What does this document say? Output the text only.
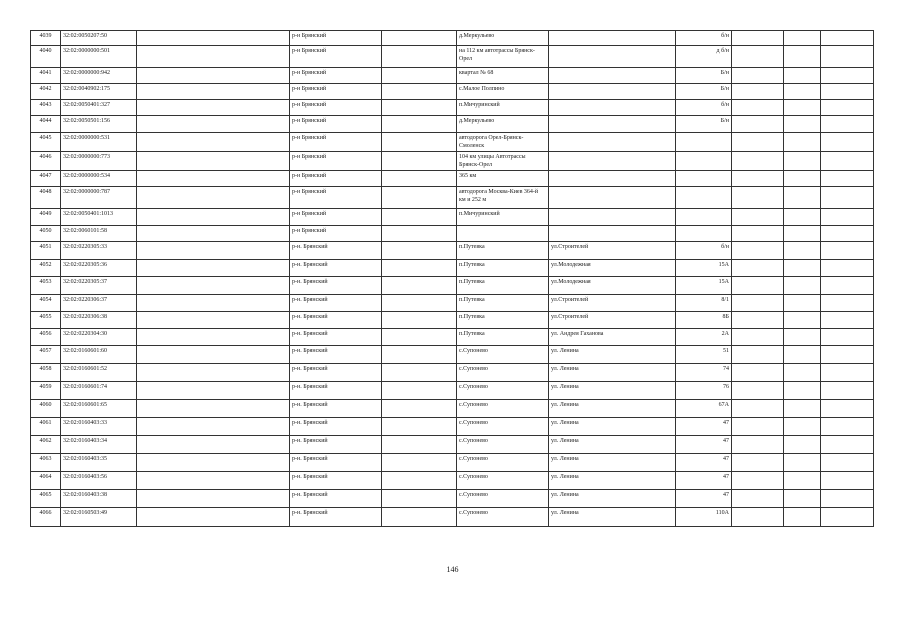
4039	32:02:0050207:50		р-н Брянский		д.Меркульево		б/н			
4040	32:02:0000000:501		р-н Брянский		на 112 км автотрассы Брянск-Орел		д б/н			
4041	32:02:0000000:942		р-н Брянский		квартал № 68		Б/н			
4042	32:02:0040902:175		р-н Брянский		с.Малое Полпино		Б/н			
4043	32:02:0050401:327		р-н Брянский		п.Мичуринский		б/н			
4044	32:02:0050501:156		р-н Брянский		д.Меркульево		Б/н			
4045	32:02:0000000:531		р-н Брянский		автодорога Орел-Брянск-Смоленск					
4046	32:02:0000000:773		р-н Брянский		104 км улицы Автотрассы Брянск-Орел					
4047	32:02:0000000:534		р-н Брянский		365 км					
4048	32:02:0000000:787		р-н Брянский		автодорога Москва-Киев 364-й км и 252 м					
4049	32:02:0050401:1013		р-н Брянский		п.Мичуринский					
4050	32:02:0060101:58		р-н Брянский							
4051	32:02:0220305:33		р-н. Брянский		п.Путевка	ул.Строителей	б/н			
4052	32:02:0220305:36		р-н. Брянский		п.Путевка	ул.Молодежная	15А			
4053	32:02:0220305:37		р-н. Брянский		п.Путевка	ул.Молодежная	15А			
4054	32:02:0220306:37		р-н. Брянский		п.Путевка	ул.Строителей	8/1			
4055	32:02:0220306:38		р-н. Брянский		п.Путевка	ул.Строителей	8Б			
4056	32:02:0220304:30		р-н. Брянский		п.Путевка	ул. Андрея Гаханова	2А			
4057	32:02:0160601:60		р-н. Брянский		с.Супонево	ул. Ленина	51			
4058	32:02:0160601:52		р-н. Брянский		с.Супонево	ул. Ленина	74			
4059	32:02:0160601:74		р-н. Брянский		с.Супонево	ул. Ленина	76			
4060	32:02:0160601:65		р-н. Брянский		с.Супонево	ул. Ленина	67А			
4061	32:02:0160403:33		р-н. Брянский		с.Супонево	ул. Ленина	47			
4062	32:02:0160403:34		р-н. Брянский		с.Супонево	ул. Ленина	47			
4063	32:02:0160403:35		р-н. Брянский		с.Супонево	ул. Ленина	47			
4064	32:02:0160403:56		р-н. Брянский		с.Супонево	ул. Ленина	47			
4065	32:02:0160403:38		р-н. Брянский		с.Супонево	ул. Ленина	47			
4066	32:02:0160503:49		р-н. Брянский		с.Супонево	ул. Ленина	110А			
146
